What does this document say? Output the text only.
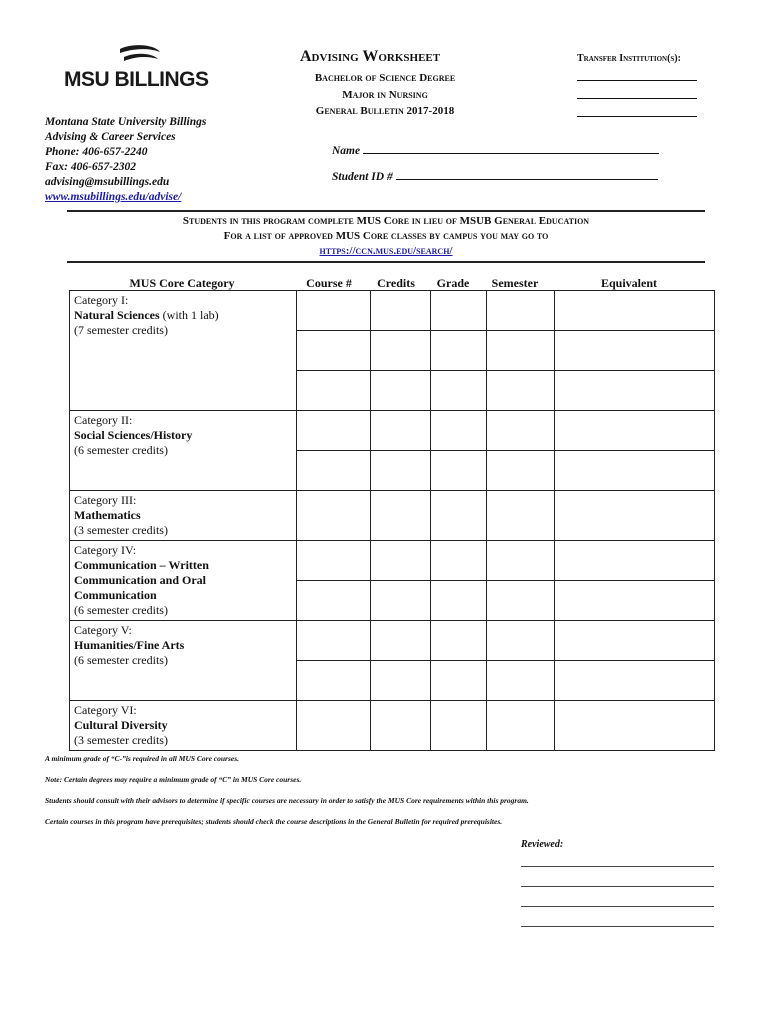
MSU BILLINGS
Montana State University Billings
Advising & Career Services
Phone: 406-657-2240
Fax: 406-657-2302
advising@msubillings.edu
www.msubillings.edu/advise/
Advising Worksheet
Bachelor of Science Degree
Major in Nursing
General Bulletin 2017-2018
Transfer Institution(s):
Name
Student ID #
Students in this program complete MUS Core in lieu of MSUB General Education
For a list of approved MUS Core classes by campus you may go to
https://ccn.mus.edu/search/
MUS Core Category	Course #	Credits	Grade	Semester	Equivalent
Category I:
Natural Sciences (with 1 lab)
(7 semester credits)					

Category II:
Social Sciences/History
(6 semester credits)					

Category III:
Mathematics
(3 semester credits)					
Category IV:
Communication – Written Communication and Oral Communication
(6 semester credits)					

Category V:
Humanities/Fine Arts
(6 semester credits)					

Category VI:
Cultural Diversity
(3 semester credits)					
A minimum grade of “C-”is required in all MUS Core courses.
Note: Certain degrees may require a minimum grade of “C” in MUS Core courses.
Students should consult with their advisors to determine if specific courses are necessary in order to satisfy the MUS Core requirements within this program.
Certain courses in this program have prerequisites; students should check the course descriptions in the General Bulletin for required prerequisites.
Reviewed:
